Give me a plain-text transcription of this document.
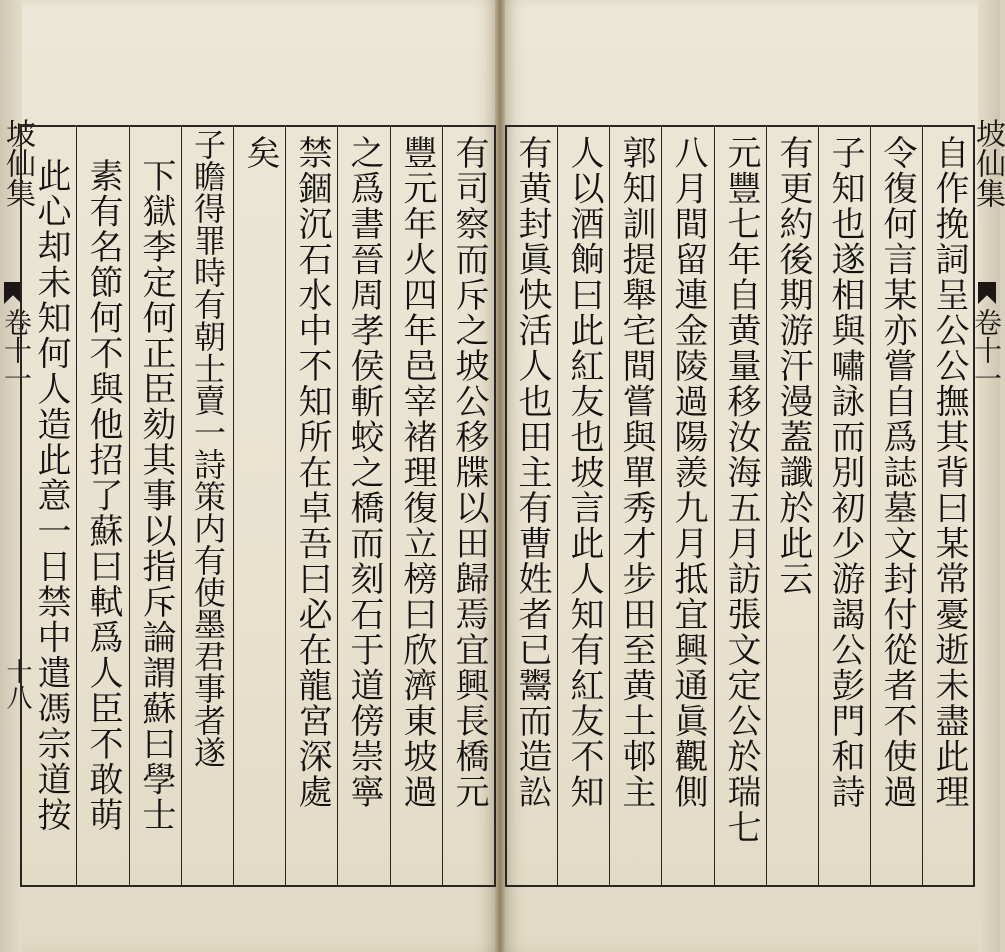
坡仙集
卷十一
十八
坡仙集
卷十一
自作挽詞呈公公撫其背曰某常憂逝未盡此理
令復何言某亦嘗自爲誌墓文封付從者不使過
子知也遂相與嘯詠而別初少游謁公彭門和詩
有更約後期游汗漫蓋讖於此云
元豐七年自黄量移汝海五月訪張文定公於瑞七
八月間留連金陵過陽羨九月抵宜興通眞觀側
郭知訓提舉宅間嘗與單秀才步田至黄土邨主
人以酒餉曰此紅友也坡言此人知有紅友不知
有黄封眞快活人也田主有曹姓者已鬻而造訟
有司察而斥之坡公移牒以田歸焉宜興長橋元
豐元年火四年邑宰褚理復立榜曰欣濟東坡過
之爲書晉周孝侯斬蛟之橋而刻石于道傍崇寧
禁錮沉石水中不知所在卓吾曰必在龍宮深處
矣
子瞻得罪時有朝士賣一詩策内有使墨君事者遂
下獄李定何正臣劾其事以指斥論謂蘇曰學士
素有名節何不與他招了蘇曰軾爲人臣不敢萌
此心却未知何人造此意一日禁中遣馮宗道按
